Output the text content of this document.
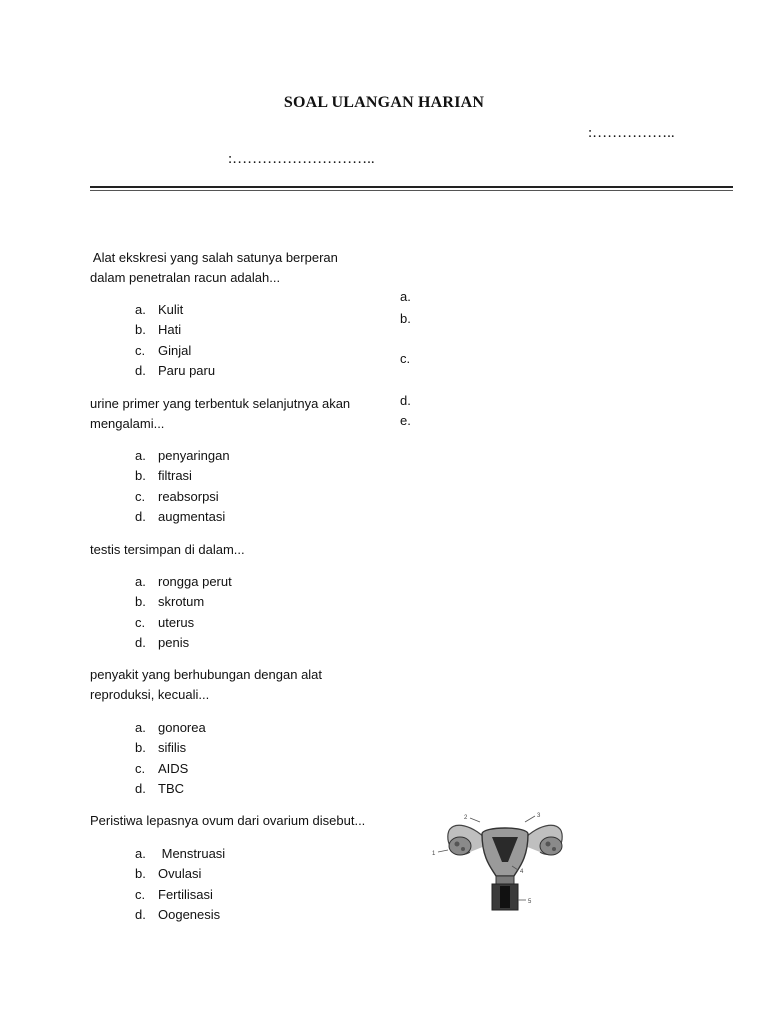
SOAL ULANGAN HARIAN
:……………..
:………………………..
Alat ekskresi yang salah satunya berperan
dalam penetralan racun adalah...
a. Kulit
b. Hati
c. Ginjal
d. Paru paru
urine primer yang terbentuk selanjutnya akan
mengalami...
a. penyaringan
b. filtrasi
c. reabsorpsi
d. augmentasi
testis tersimpan di dalam...
a. rongga perut
b. skrotum
c. uterus
d. penis
penyakit yang berhubungan dengan alat
reproduksi, kecuali...
a. gonorea
b. sifilis
c. AIDS
d. TBC
Peristiwa lepasnya ovum dari ovarium disebut...
a. Menstruasi
b. Ovulasi
c. Fertilisasi
d. Oogenesis
a.
b.
c.
d.
e.
1
2	3
4
5
